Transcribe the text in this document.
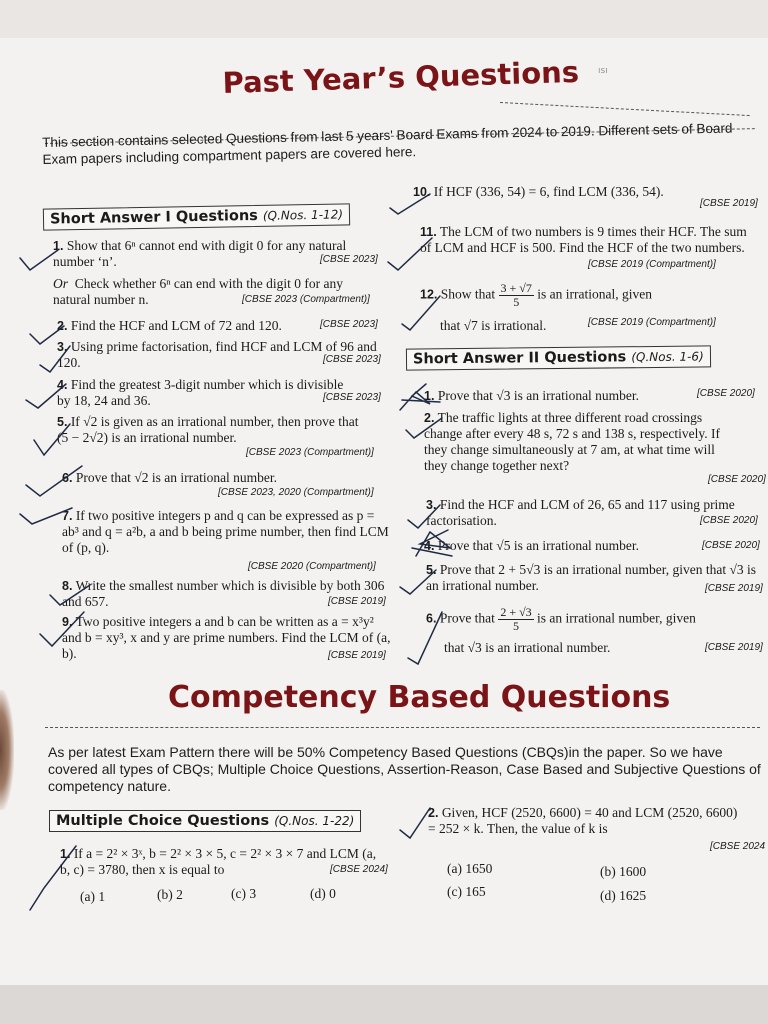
ısı
Past Year’s Questions
This section contains selected Questions from last 5 years' Board Exams from 2024 to 2019. Different sets of Board Exam papers including compartment papers are covered here.
Short Answer I Questions (Q.Nos. 1-12)
1. Show that 6ⁿ cannot end with digit 0 for any natural number ‘n’.	[CBSE 2023]
Or Check whether 6ⁿ can end with the digit 0 for any natural number n.	[CBSE 2023 (Compartment)]
2. Find the HCF and LCM of 72 and 120.	[CBSE 2023]
3. Using prime factorisation, find HCF and LCM of 96 and 120.	[CBSE 2023]
4. Find the greatest 3-digit number which is divisible by 18, 24 and 36.	[CBSE 2023]
5. If √2 is given as an irrational number, then prove that (5 − 2√2) is an irrational number.
[CBSE 2023 (Compartment)]
6. Prove that √2 is an irrational number.
[CBSE 2023, 2020 (Compartment)]
7. If two positive integers p and q can be expressed as p = ab³ and q = a²b, a and b being prime number, then find LCM of (p, q).
[CBSE 2020 (Compartment)]
8. Write the smallest number which is divisible by both 306 and 657.	[CBSE 2019]
9. Two positive integers a and b can be written as a = x³y² and b = xy³, x and y are prime numbers. Find the LCM of (a, b).	[CBSE 2019]
10. If HCF (336, 54) = 6, find LCM (336, 54).
[CBSE 2019]
11. The LCM of two numbers is 9 times their HCF. The sum of LCM and HCF is 500. Find the HCF of the two numbers.
[CBSE 2019 (Compartment)]
12. Show that $\frac{3 + √7}{5}$ is an irrational, given
that √7 is irrational.	[CBSE 2019 (Compartment)]
Short Answer II Questions (Q.Nos. 1-6)
1. Prove that √3 is an irrational number.	[CBSE 2020]
2. The traffic lights at three different road crossings change after every 48 s, 72 s and 138 s, respectively. If they change simultaneously at 7 am, at what time will they change together next?
[CBSE 2020]
3. Find the HCF and LCM of 26, 65 and 117 using prime factorisation.	[CBSE 2020]
4. Prove that √5 is an irrational number.	[CBSE 2020]
5. Prove that 2 + 5√3 is an irrational number, given that √3 is an irrational number.	[CBSE 2019]
6. Prove that $\frac{2 + √3}{5}$ is an irrational number, given
that √3 is an irrational number.	[CBSE 2019]
Competency Based Questions
As per latest Exam Pattern there will be 50% Competency Based Questions (CBQs)in the paper. So we have covered all types of CBQs; Multiple Choice Questions, Assertion-Reason, Case Based and Subjective Questions of competency nature.
Multiple Choice Questions (Q.Nos. 1-22)
1. If a = 2² × 3ˣ, b = 2² × 3 × 5, c = 2² × 3 × 7 and LCM (a, b, c) = 3780, then x is equal to	[CBSE 2024]
(a) 1	(b) 2	(c) 3	(d) 0
2. Given, HCF (2520, 6600) = 40 and LCM (2520, 6600) = 252 × k. Then, the value of k is
[CBSE 2024
(a) 1650	(b) 1600
(c) 165	(d) 1625
